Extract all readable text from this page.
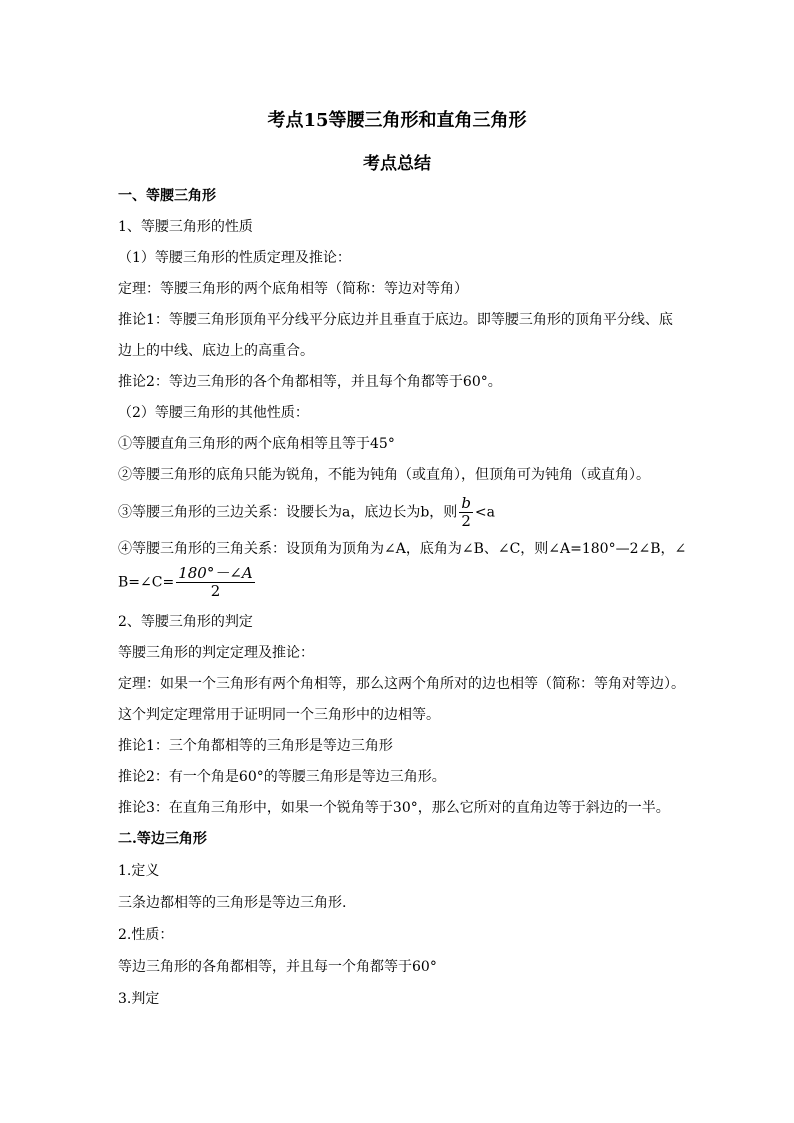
考点15等腰三角形和直角三角形
考点总结
一、等腰三角形
1、等腰三角形的性质
（1）等腰三角形的性质定理及推论：
定理：等腰三角形的两个底角相等（简称：等边对等角）
推论1：等腰三角形顶角平分线平分底边并且垂直于底边。即等腰三角形的顶角平分线、底
边上的中线、底边上的高重合。
推论2：等边三角形的各个角都相等，并且每个角都等于60°。
（2）等腰三角形的其他性质：
①等腰直角三角形的两个底角相等且等于45°
②等腰三角形的底角只能为锐角，不能为钝角（或直角），但顶角可为钝角（或直角）。
③等腰三角形的三边关系：设腰长为a，底边长为b，则 $\frac{b}{2} <a$
④等腰三角形的三角关系：设顶角为顶角为∠A，底角为∠B、∠C，则∠A=180°—2∠B，∠
B=∠C= $\frac{180^\circ-\angle A}{2}$
2、等腰三角形的判定
等腰三角形的判定定理及推论：
定理：如果一个三角形有两个角相等，那么这两个角所对的边也相等（简称：等角对等边）。
这个判定定理常用于证明同一个三角形中的边相等。
推论1：三个角都相等的三角形是等边三角形
推论2：有一个角是60°的等腰三角形是等边三角形。
推论3：在直角三角形中，如果一个锐角等于30°，那么它所对的直角边等于斜边的一半。
二.等边三角形
1.定义
三条边都相等的三角形是等边三角形.
2.性质：
等边三角形的各角都相等，并且每一个角都等于60°
3.判定
